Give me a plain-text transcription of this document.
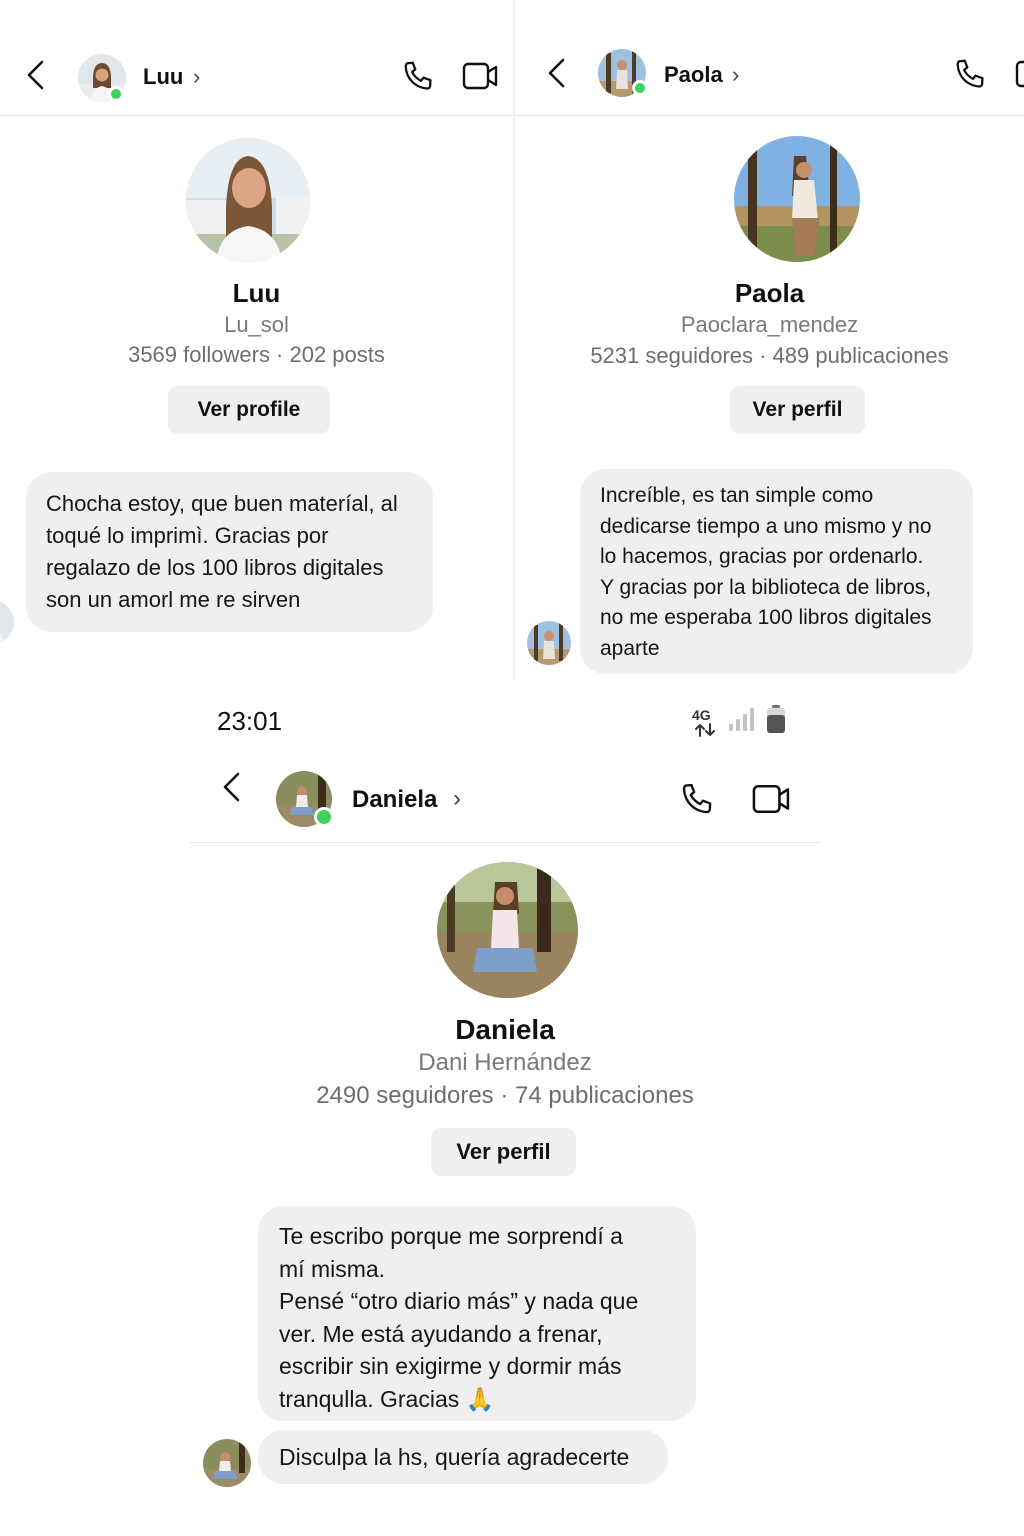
Luu ›
Luu
Lu_sol
3569 followers · 202 posts
Ver profile

Chocha estoy, que buen materíal, al

toqué lo imprimì. Gracias por

regalazo de los 100 libros digitales

son un amorl me re sirven

Paola ›
Paola
Paoclara_mendez
5231 seguidores · 489 publicaciones
Ver perfil

Increíble, es tan simple como

dedicarse tiempo a uno mismo y no

lo hacemos, gracias por ordenarlo.

Y gracias por la biblioteca de libros,

no me esperaba 100 libros digitales

aparte

23:01	4G
Daniela ›
Daniela
Dani Hernández
2490 seguidores · 74 publicaciones
Ver perfil

Te escribo porque me sorprendí a

mí misma.

Pensé “otro diario más” y nada que

ver. Me está ayudando a frenar,

escribir sin exigirme y dormir más

tranqulla. Gracias 🙏

Disculpa la hs, quería agradecerte
